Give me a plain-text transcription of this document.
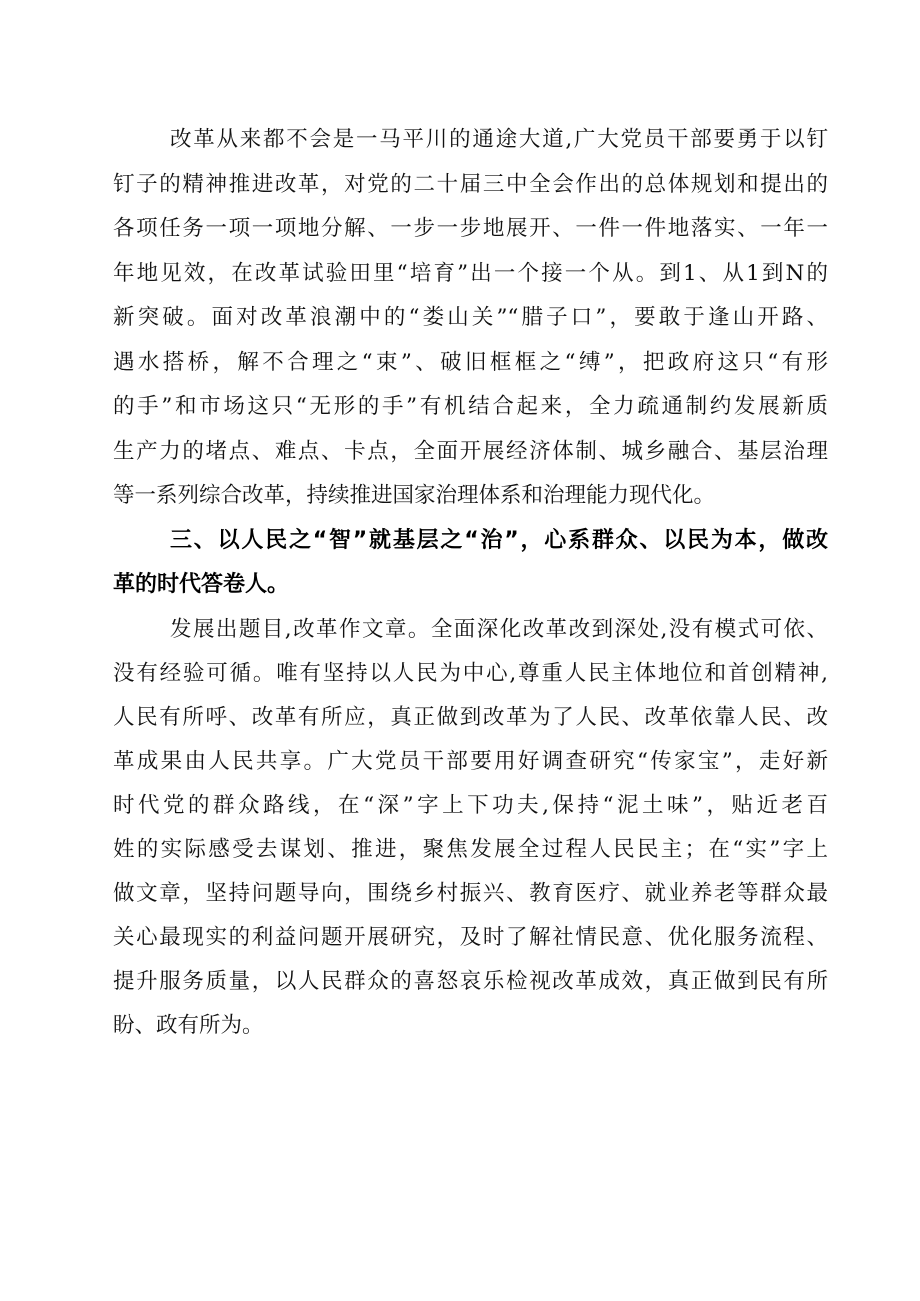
改革从来都不会是一马平川的通途大道,广大党员干部要勇于以钉
钉子的精神推进改革，对党的二十届三中全会作出的总体规划和提出的
各项任务一项一项地分解、一步一步地展开、一件一件地落实、一年一
年地见效，在改革试验田里“培育”出一个接一个从。到1、从1到N的
新突破。面对改革浪潮中的“娄山关”“腊子口”，要敢于逢山开路、
遇水搭桥，解不合理之“束”、破旧框框之“缚”，把政府这只“有形
的手”和市场这只“无形的手”有机结合起来，全力疏通制约发展新质
生产力的堵点、难点、卡点，全面开展经济体制、城乡融合、基层治理
等一系列综合改革，持续推进国家治理体系和治理能力现代化。
三、以人民之“智”就基层之“治”，心系群众、以民为本，做改
革的时代答卷人。
发展出题目,改革作文章。全面深化改革改到深处,没有模式可依、
没有经验可循。唯有坚持以人民为中心,尊重人民主体地位和首创精神,
人民有所呼、改革有所应，真正做到改革为了人民、改革依靠人民、改
革成果由人民共享。广大党员干部要用好调查研究“传家宝”，走好新
时代党的群众路线，在“深”字上下功夫,保持“泥土味”，贴近老百
姓的实际感受去谋划、推进，聚焦发展全过程人民民主；在“实”字上
做文章，坚持问题导向，围绕乡村振兴、教育医疗、就业养老等群众最
关心最现实的利益问题开展研究，及时了解社情民意、优化服务流程、
提升服务质量，以人民群众的喜怒哀乐检视改革成效，真正做到民有所
盼、政有所为。
